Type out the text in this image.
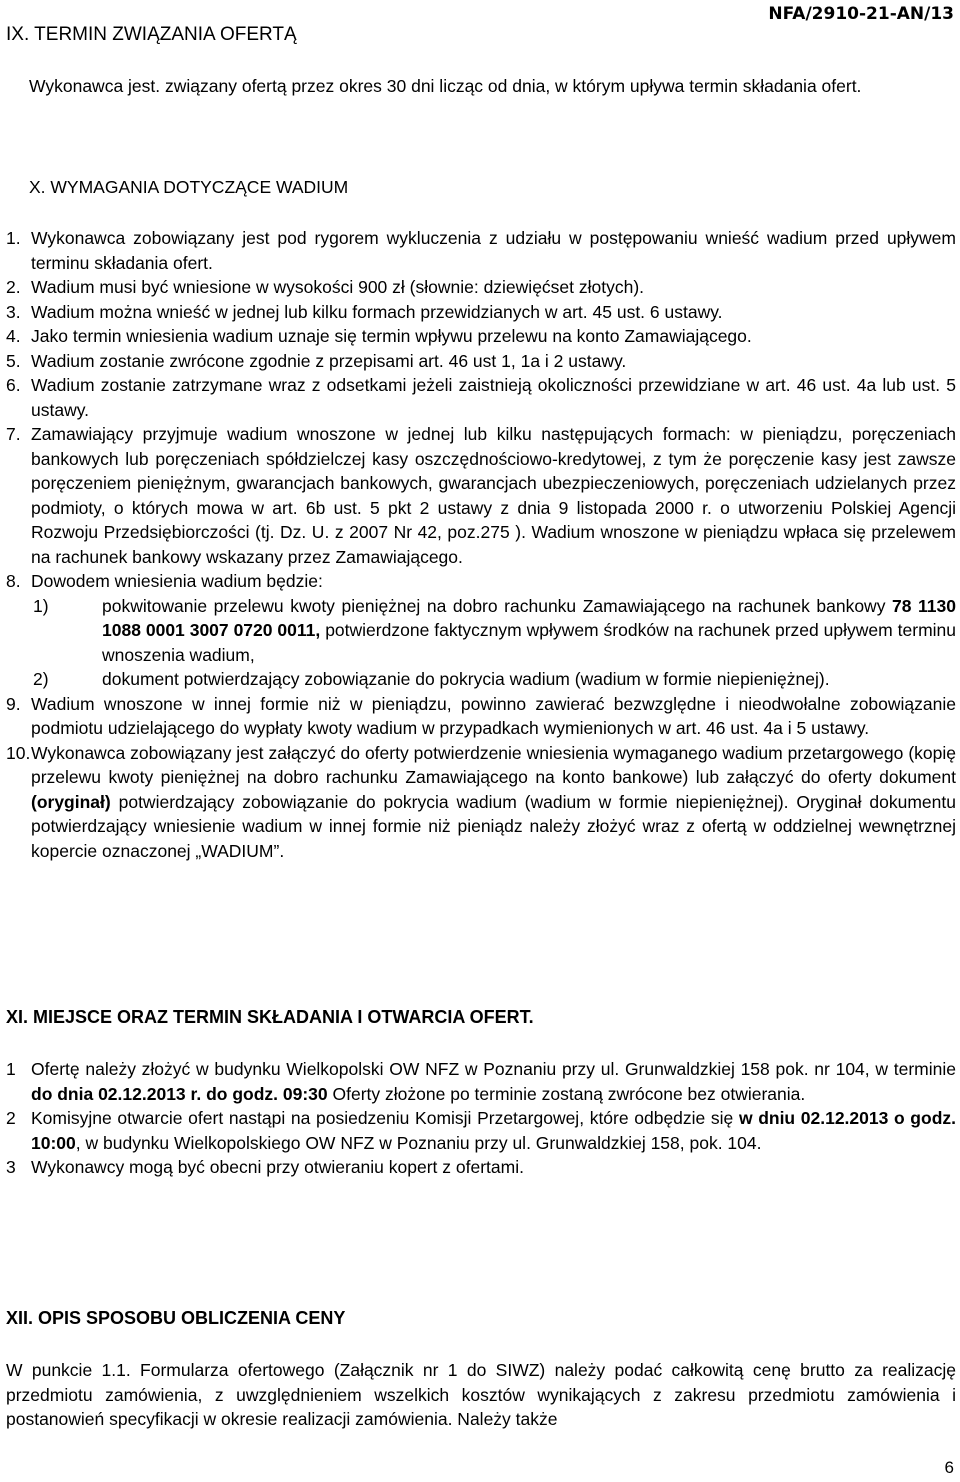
IX. TERMIN ZWIĄZANIA OFERTĄ
NFA/2910-21-AN/13
Wykonawca jest. związany ofertą przez okres 30 dni licząc od dnia, w którym upływa termin składania ofert.
X. WYMAGANIA DOTYCZĄCE WADIUM
1. Wykonawca zobowiązany jest pod rygorem wykluczenia z udziału w postępowaniu wnieść wadium przed upływem terminu składania ofert.
2. Wadium musi być wniesione w wysokości 900 zł (słownie: dziewięćset złotych).
3. Wadium można wnieść w jednej lub kilku formach przewidzianych w art. 45 ust. 6 ustawy.
4. Jako termin wniesienia wadium uznaje się termin wpływu przelewu na konto Zamawiającego.
5. Wadium zostanie zwrócone zgodnie z przepisami art. 46 ust 1, 1a i 2 ustawy.
6. Wadium zostanie zatrzymane wraz z odsetkami jeżeli zaistnieją okoliczności przewidziane w art. 46 ust. 4a lub ust. 5 ustawy.
7. Zamawiający przyjmuje wadium wnoszone w jednej lub kilku następujących formach: w pieniądzu, poręczeniach bankowych lub poręczeniach spółdzielczej kasy oszczędnościowo-kredytowej, z tym że poręczenie kasy jest zawsze poręczeniem pieniężnym, gwarancjach bankowych, gwarancjach ubezpieczeniowych, poręczeniach udzielanych przez podmioty, o których mowa w art. 6b ust. 5 pkt 2 ustawy z dnia 9 listopada 2000 r. o utworzeniu Polskiej Agencji Rozwoju Przedsiębiorczości (tj. Dz. U. z 2007 Nr 42, poz.275 ). Wadium wnoszone w pieniądzu wpłaca się przelewem na rachunek bankowy wskazany przez Zamawiającego.
8. Dowodem wniesienia wadium będzie:
1)	pokwitowanie przelewu kwoty pieniężnej na dobro rachunku Zamawiającego na rachunek bankowy 78 1130 1088 0001 3007 0720 0011, potwierdzone faktycznym wpływem środków na rachunek przed upływem terminu wnoszenia wadium,
2)	dokument potwierdzający zobowiązanie do pokrycia wadium (wadium w formie niepieniężnej).
9. Wadium wnoszone w innej formie niż w pieniądzu, powinno zawierać bezwzględne i nieodwołalne zobowiązanie podmiotu udzielającego do wypłaty kwoty wadium w przypadkach wymienionych w art. 46 ust. 4a i 5 ustawy.
10. Wykonawca zobowiązany jest załączyć do oferty potwierdzenie wniesienia wymaganego wadium przetargowego (kopię przelewu kwoty pieniężnej na dobro rachunku Zamawiającego na konto bankowe) lub załączyć do oferty dokument (oryginał) potwierdzający zobowiązanie do pokrycia wadium (wadium w formie niepieniężnej). Oryginał dokumentu potwierdzający wniesienie wadium w innej formie niż pieniądz należy złożyć wraz z ofertą w oddzielnej wewnętrznej kopercie oznaczonej „WADIUM”.
XI. MIEJSCE ORAZ TERMIN SKŁADANIA I OTWARCIA OFERT.
1 Ofertę należy złożyć w budynku Wielkopolski OW NFZ w Poznaniu przy ul. Grunwaldzkiej 158 pok. nr 104, w terminie do dnia 02.12.2013 r. do godz. 09:30 Oferty złożone po terminie zostaną zwrócone bez otwierania.
2 Komisyjne otwarcie ofert nastąpi na posiedzeniu Komisji Przetargowej, które odbędzie się w dniu 02.12.2013 o godz. 10:00, w budynku Wielkopolskiego OW NFZ w Poznaniu przy ul. Grunwaldzkiej 158, pok. 104.
3 Wykonawcy mogą być obecni przy otwieraniu kopert z ofertami.
XII. OPIS SPOSOBU OBLICZENIA CENY
W punkcie 1.1. Formularza ofertowego (Załącznik nr 1 do SIWZ) należy podać całkowitą cenę brutto za realizację przedmiotu zamówienia, z uwzględnieniem wszelkich kosztów wynikających z zakresu przedmiotu zamówienia i postanowień specyfikacji w okresie realizacji zamówienia. Należy także
6
